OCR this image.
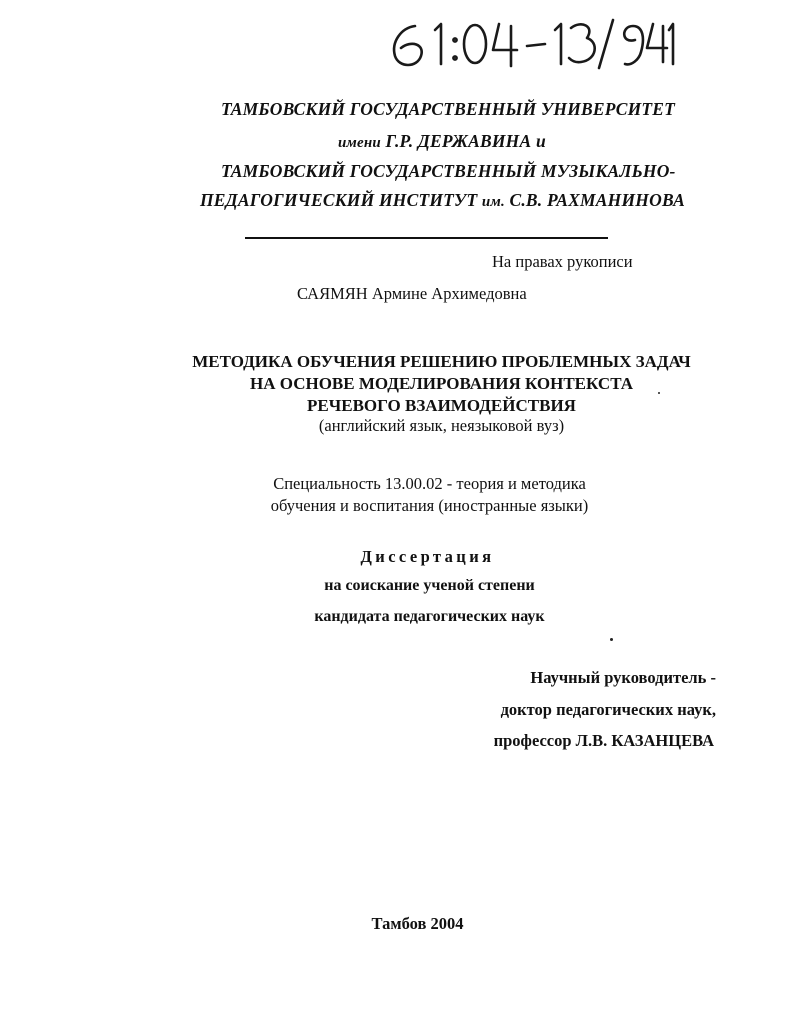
ТАМБОВСКИЙ ГОСУДАРСТВЕННЫЙ УНИВЕРСИТЕТ
имени Г.Р. ДЕРЖАВИНА и
ТАМБОВСКИЙ ГОСУДАРСТВЕННЫЙ МУЗЫКАЛЬНО-
ПЕДАГОГИЧЕСКИЙ ИНСТИТУТ им. С.В. РАХМАНИНОВА
На правах рукописи
САЯМЯН Армине Архимедовна
МЕТОДИКА ОБУЧЕНИЯ РЕШЕНИЮ ПРОБЛЕМНЫХ ЗАДАЧ
НА ОСНОВЕ МОДЕЛИРОВАНИЯ КОНТЕКСТА
РЕЧЕВОГО ВЗАИМОДЕЙСТВИЯ
(английский язык, неязыковой вуз)
Специальность 13.00.02 - теория и методика
обучения и воспитания (иностранные языки)
Диссертация
на соискание ученой степени
кандидата педагогических наук
Научный руководитель -
доктор педагогических наук,
профессор Л.В. КАЗАНЦЕВА
Тамбов 2004
